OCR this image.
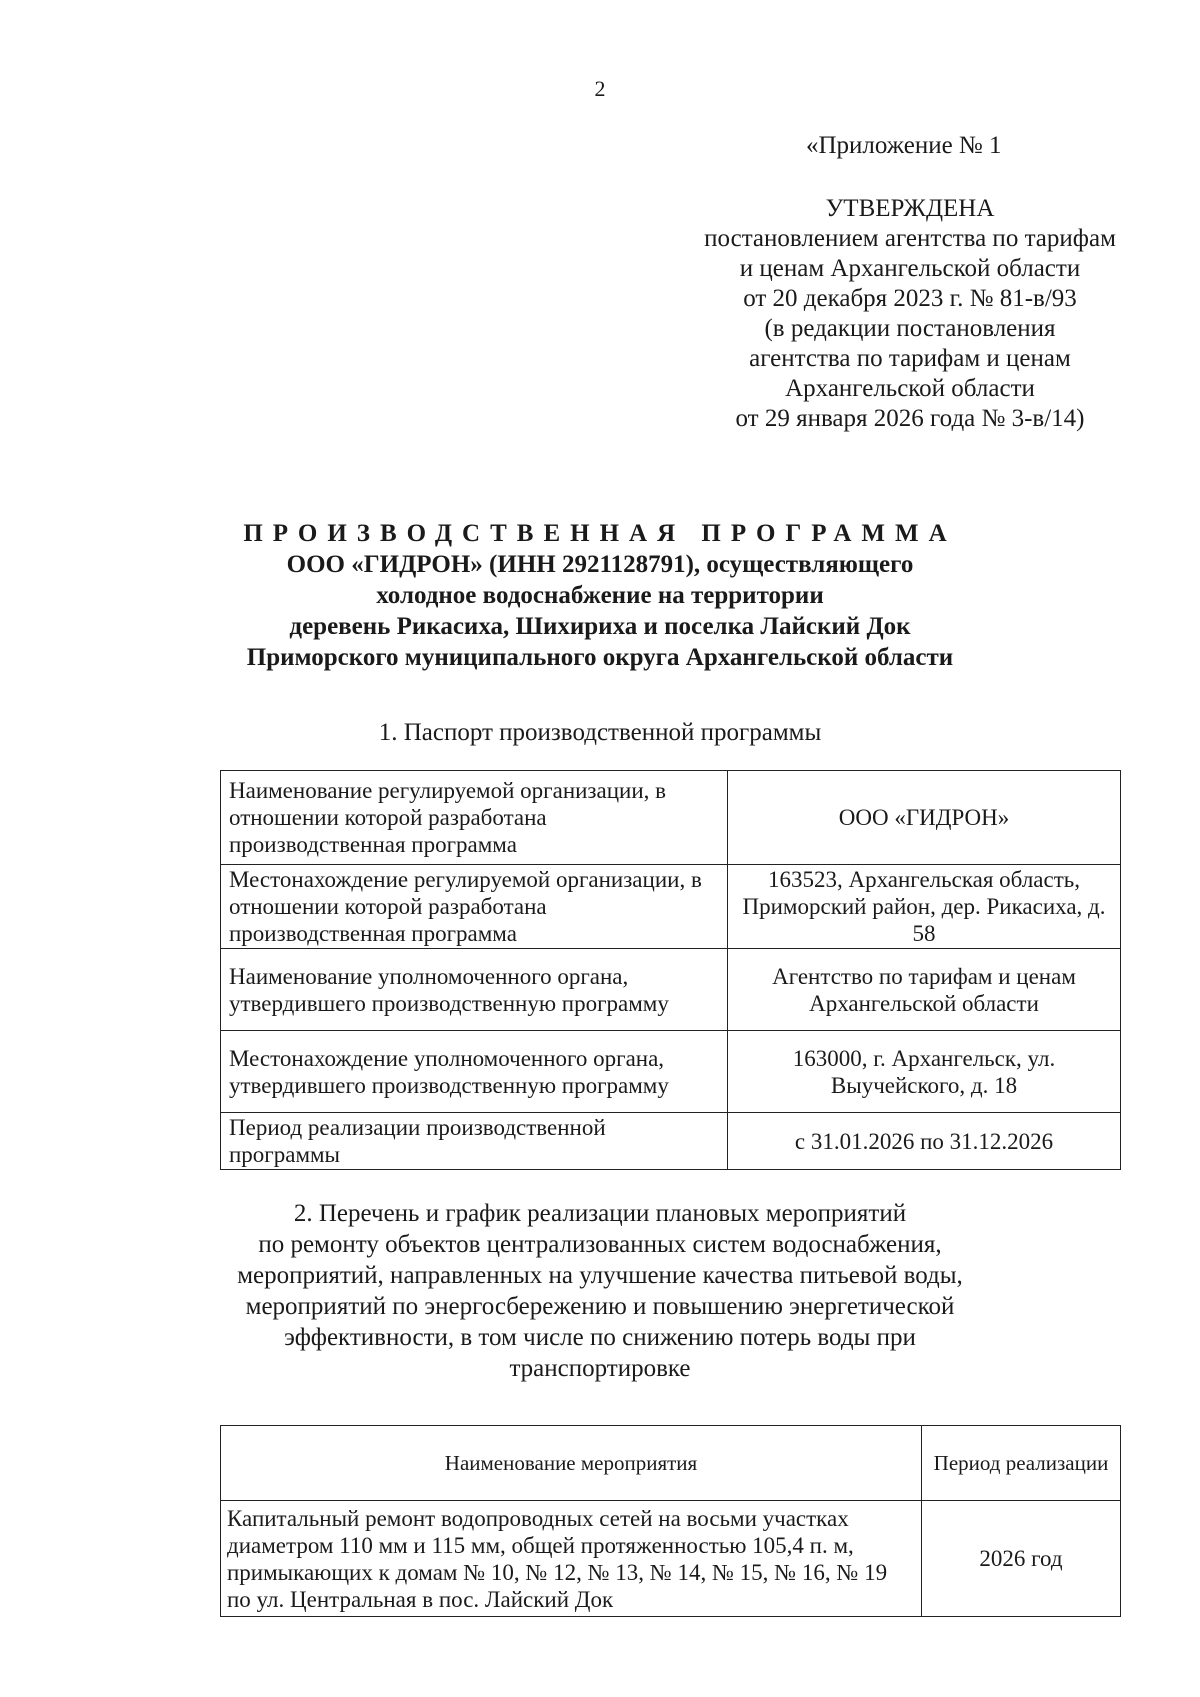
2
«Приложение № 1
УТВЕРЖДЕНА
постановлением агентства по тарифам
и ценам Архангельской области
от 20 декабря 2023 г. № 81-в/93
(в редакции постановления
агентства по тарифам и ценам
Архангельской области
от 29 января 2026 года № 3-в/14)
ПРОИЗВОДСТВЕННАЯ ПРОГРАММА
ООО «ГИДРОН» (ИНН 2921128791), осуществляющего
холодное водоснабжение на территории
деревень Рикасиха, Шихириха и поселка Лайский Док
Приморского муниципального округа Архангельской области
1. Паспорт производственной программы
Наименование регулируемой организации, в отношении которой разработана производственная программа	ООО «ГИДРОН»
Местонахождение регулируемой организации, в отношении которой разработана производственная программа	163523, Архангельская область, Приморский район, дер. Рикасиха, д. 58
Наименование уполномоченного органа, утвердившего производственную программу	Агентство по тарифам и ценам Архангельской области
Местонахождение уполномоченного органа, утвердившего производственную программу	163000, г. Архангельск, ул. Выучейского, д. 18
Период реализации производственной программы	с 31.01.2026 по 31.12.2026
2. Перечень и график реализации плановых мероприятий
по ремонту объектов централизованных систем водоснабжения,
мероприятий, направленных на улучшение качества питьевой воды,
мероприятий по энергосбережению и повышению энергетической
эффективности, в том числе по снижению потерь воды при
транспортировке
Наименование мероприятия	Период реализации
Капитальный ремонт водопроводных сетей на восьми участках диаметром 110 мм и 115 мм, общей протяженностью 105,4 п. м, примыкающих к домам № 10, № 12, № 13, № 14, № 15, № 16, № 19 по ул. Центральная в пос. Лайский Док	2026 год
